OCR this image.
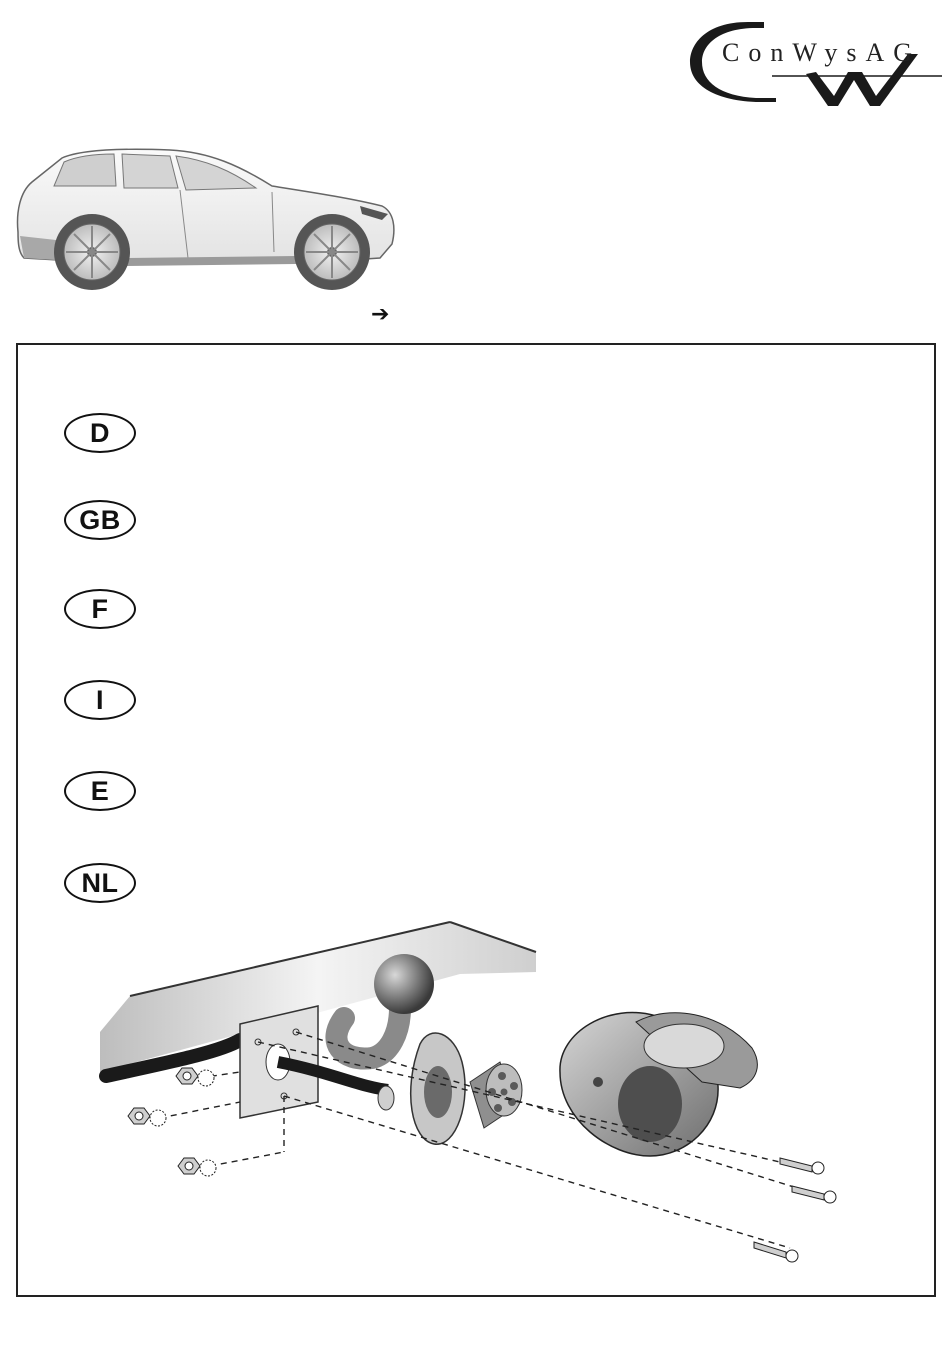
ConWysAG
➔
D
GB
F
I
E
NL
